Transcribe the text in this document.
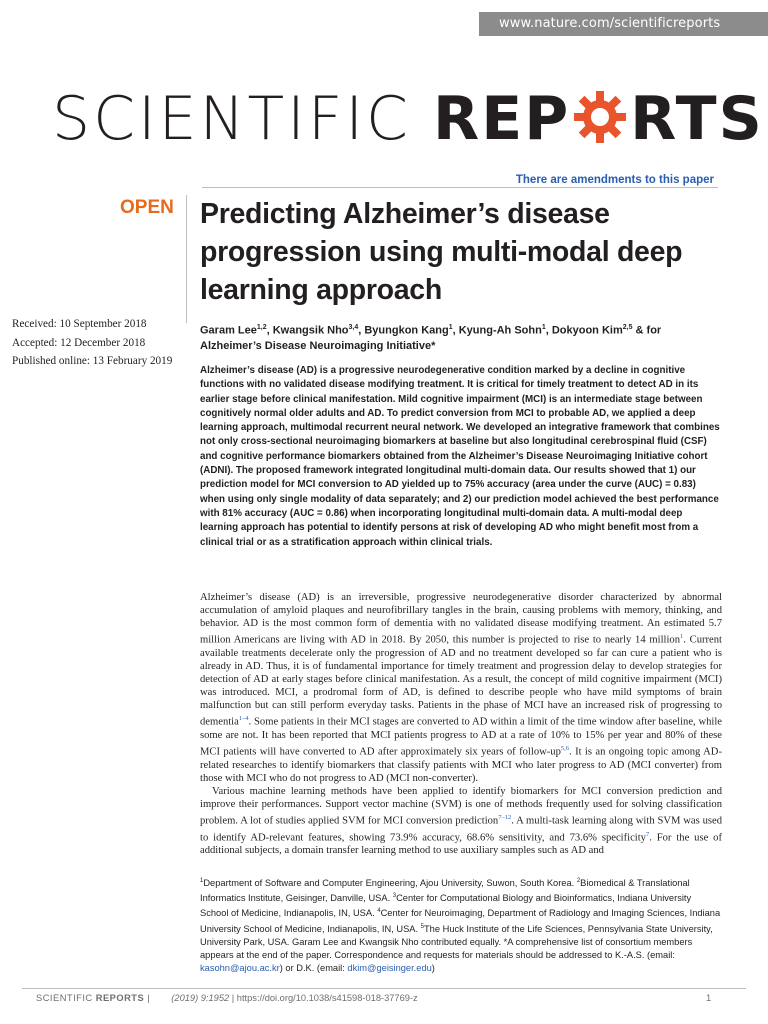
www.nature.com/scientificreports
SCIENTIFIC REP RTS
There are amendments to this paper
OPEN Predicting Alzheimer’s disease progression using multi-modal deep learning approach
Received: 10 September 2018
Accepted: 12 December 2018
Published online: 13 February 2019
Garam Lee$^{1,2}$, Kwangsik Nho$^{3,4}$, Byungkon Kang$^1$, Kyung-Ah Sohn$^1$, Dokyoon Kim$^{2,5}$ & for Alzheimer’s Disease Neuroimaging Initiative*
Alzheimer’s disease (AD) is a progressive neurodegenerative condition marked by a decline in cognitive functions with no validated disease modifying treatment. It is critical for timely treatment to detect AD in its earlier stage before clinical manifestation. Mild cognitive impairment (MCI) is an intermediate stage between cognitively normal older adults and AD. To predict conversion from MCI to probable AD, we applied a deep learning approach, multimodal recurrent neural network. We developed an integrative framework that combines not only cross-sectional neuroimaging biomarkers at baseline but also longitudinal cerebrospinal fluid (CSF) and cognitive performance biomarkers obtained from the Alzheimer’s Disease Neuroimaging Initiative cohort (ADNI). The proposed framework integrated longitudinal multi-domain data. Our results showed that 1) our prediction model for MCI conversion to AD yielded up to 75% accuracy (area under the curve (AUC) = 0.83) when using only single modality of data separately; and 2) our prediction model achieved the best performance with 81% accuracy (AUC = 0.86) when incorporating longitudinal multi-domain data. A multi-modal deep learning approach has potential to identify persons at risk of developing AD who might benefit most from a clinical trial or as a stratification approach within clinical trials.

Alzheimer’s disease (AD) is an irreversible, progressive neurodegenerative disorder characterized by abnormal accumulation of amyloid plaques and neurofibrillary tangles in the brain, causing problems with memory, thinking, and behavior. AD is the most common form of dementia with no validated disease modifying treatment. An estimated 5.7 million Americans are living with AD in 2018. By 2050, this number is projected to rise to nearly 14 million$^1$. Current available treatments decelerate only the progression of AD and no treatment developed so far can cure a patient who is already in AD. Thus, it is of fundamental importance for timely treatment and progression delay to develop strategies for detection of AD at early stages before clinical manifestation. As a result, the concept of mild cognitive impairment (MCI) was introduced. MCI, a prodromal form of AD, is defined to describe people who have mild symptoms of brain malfunction but can still perform everyday tasks. Patients in the phase of MCI have an increased risk of progressing to dementia$^{1-4}$. Some patients in their MCI stages are converted to AD within a limit of the time window after baseline, while some are not. It has been reported that MCI patients progress to AD at a rate of 10% to 15% per year and 80% of these MCI patients will have converted to AD after approximately six years of follow-up$^{5,6}$. It is an ongoing topic among AD-related researches to identify biomarkers that classify patients with MCI who later progress to AD (MCI converter) from those with MCI who do not progress to AD (MCI non-converter).

Various machine learning methods have been applied to identify biomarkers for MCI conversion prediction and improve their performances. Support vector machine (SVM) is one of methods frequently used for solving classification problem. A lot of studies applied SVM for MCI conversion prediction$^{7-12}$. A multi-task learning along with SVM was used to identify AD-relevant features, showing 73.9% accuracy, 68.6% sensitivity, and 73.6% specificity$^7$. For the use of additional subjects, a domain transfer learning method to use auxiliary samples such as AD and

$^1$Department of Software and Computer Engineering, Ajou University, Suwon, South Korea. $^2$Biomedical & Translational Informatics Institute, Geisinger, Danville, USA. $^3$Center for Computational Biology and Bioinformatics, Indiana University School of Medicine, Indianapolis, IN, USA. $^4$Center for Neuroimaging, Department of Radiology and Imaging Sciences, Indiana University School of Medicine, Indianapolis, IN, USA. $^5$The Huck Institute of the Life Sciences, Pennsylvania State University, University Park, USA. Garam Lee and Kwangsik Nho contributed equally. *A comprehensive list of consortium members appears at the end of the paper. Correspondence and requests for materials should be addressed to K.-A.S. (email: kasohn@ajou.ac.kr) or D.K. (email: dkim@geisinger.edu)
SCIENTIFIC REPORTS | (2019) 9:1952 | https://doi.org/10.1038/s41598-018-37769-z	1
